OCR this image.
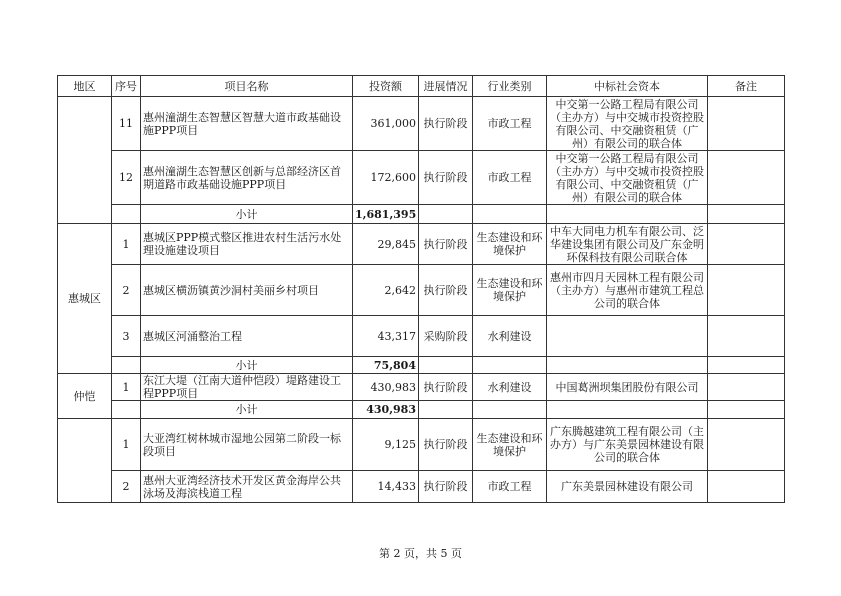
地区	序号	项目名称	投资额	进展情况	行业类别	中标社会资本	备注
	11	惠州潼湖生态智慧区智慧大道市政基础设施PPP项目	361,000	执行阶段	市政工程	中交第一公路工程局有限公司（主办方）与中交城市投资控股有限公司、中交融资租赁（广州）有限公司的联合体	
	12	惠州潼湖生态智慧区创新与总部经济区首期道路市政基础设施PPP项目	172,600	执行阶段	市政工程	中交第一公路工程局有限公司（主办方）与中交城市投资控股有限公司、中交融资租赁（广州）有限公司的联合体	
		小计	1,681,395				
惠城区	1	惠城区PPP模式整区推进农村生活污水处理设施建设项目	29,845	执行阶段	生态建设和环境保护	中车大同电力机车有限公司、泛华建设集团有限公司及广东金明环保科技有限公司联合体	
	2	惠城区横沥镇黄沙洞村美丽乡村项目	2,642	执行阶段	生态建设和环境保护	惠州市四月天园林工程有限公司（主办方）与惠州市建筑工程总公司的联合体	
	3	惠城区河涌整治工程	43,317	采购阶段	水利建设		
		小计	75,804				
仲恺	1	东江大堤（江南大道仲恺段）堤路建设工程PPP项目	430,983	执行阶段	水利建设	中国葛洲坝集团股份有限公司	
		小计	430,983				
	1	大亚湾红树林城市湿地公园第二阶段一标段项目	9,125	执行阶段	生态建设和环境保护	广东腾越建筑工程有限公司（主办方）与广东美景园林建设有限公司的联合体	
	2	惠州大亚湾经济技术开发区黄金海岸公共泳场及海滨栈道工程	14,433	执行阶段	市政工程	广东美景园林建设有限公司	
第 2 页，共 5 页
